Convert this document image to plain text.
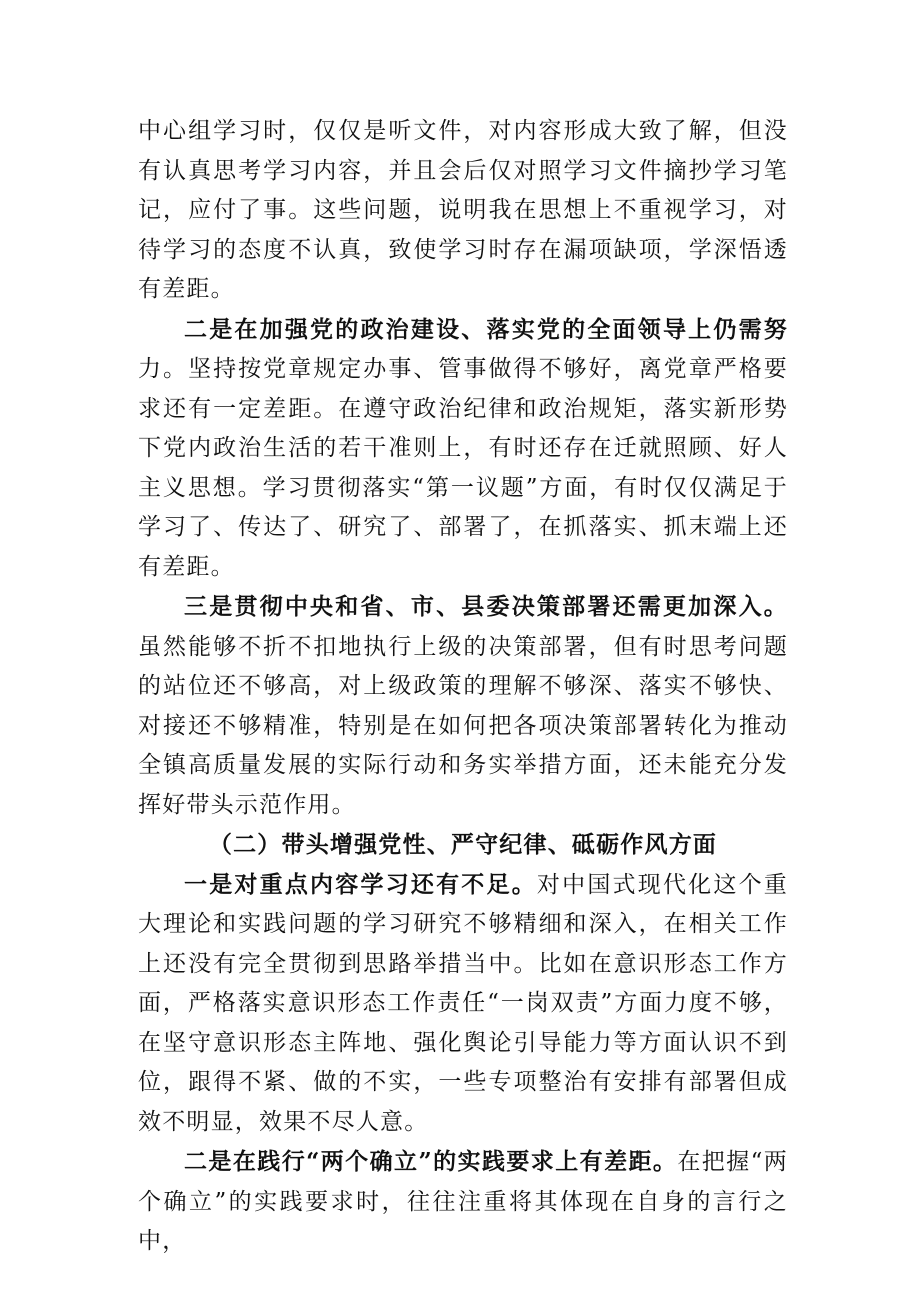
中心组学习时，仅仅是听文件，对内容形成大致了解，但没有认真思考学习内容，并且会后仅对照学习文件摘抄学习笔记，应付了事。这些问题，说明我在思想上不重视学习，对待学习的态度不认真，致使学习时存在漏项缺项，学深悟透有差距。

二是在加强党的政治建设、落实党的全面领导上仍需努力。坚持按党章规定办事、管事做得不够好，离党章严格要求还有一定差距。在遵守政治纪律和政治规矩，落实新形势下党内政治生活的若干准则上，有时还存在迁就照顾、好人主义思想。学习贯彻落实“第一议题”方面，有时仅仅满足于学习了、传达了、研究了、部署了，在抓落实、抓末端上还有差距。

三是贯彻中央和省、市、县委决策部署还需更加深入。虽然能够不折不扣地执行上级的决策部署，但有时思考问题的站位还不够高，对上级政策的理解不够深、落实不够快、对接还不够精准，特别是在如何把各项决策部署转化为推动全镇高质量发展的实际行动和务实举措方面，还未能充分发挥好带头示范作用。

（二）带头增强党性、严守纪律、砥砺作风方面

一是对重点内容学习还有不足。对中国式现代化这个重大理论和实践问题的学习研究不够精细和深入，在相关工作上还没有完全贯彻到思路举措当中。比如在意识形态工作方面，严格落实意识形态工作责任“一岗双责”方面力度不够，在坚守意识形态主阵地、强化舆论引导能力等方面认识不到位，跟得不紧、做的不实，一些专项整治有安排有部署但成效不明显，效果不尽人意。

二是在践行“两个确立”的实践要求上有差距。在把握“两个确立”的实践要求时，往往注重将其体现在自身的言行之中，
